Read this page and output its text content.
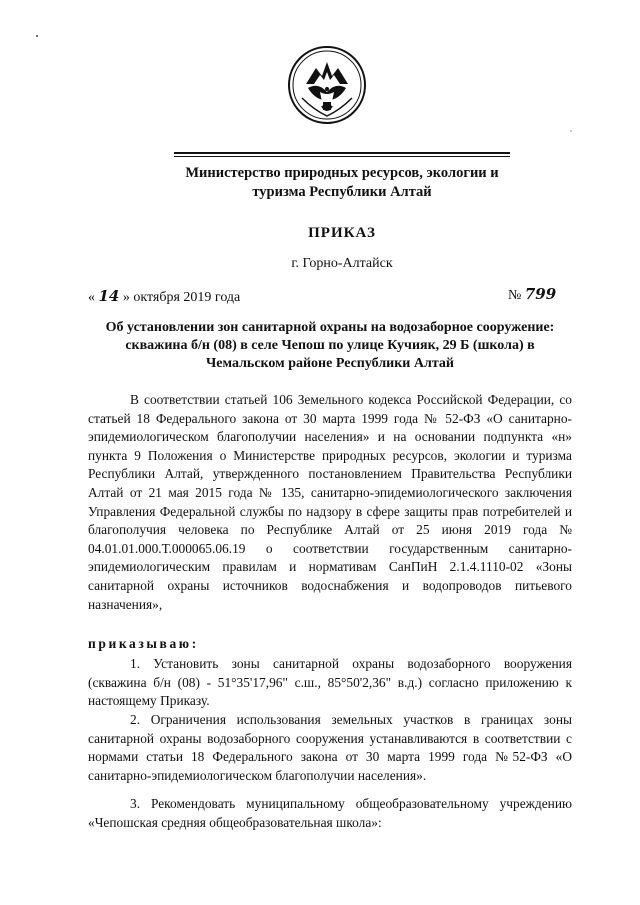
Министерство природных ресурсов, экологии и
туризма Республики Алтай
ПРИКАЗ
г. Горно-Алтайск
« 14 » октября 2019 года	№ 799
Об установлении зон санитарной охраны на водозаборное сооружение: скважина б/н (08) в селе Чепош по улице Кучияк, 29 Б (школа) в Чемальском районе Республики Алтай
В соответствии статьей 106 Земельного кодекса Российской Федерации, со статьей 18 Федерального закона от 30 марта 1999 года № 52-ФЗ «О санитарно-эпидемиологическом благополучии населения» и на основании подпункта «н» пункта 9 Положения о Министерстве природных ресурсов, экологии и туризма Республики Алтай, утвержденного постановлением Правительства Республики Алтай от 21 мая 2015 года № 135, санитарно-эпидемиологического заключения Управления Федеральной службы по надзору в сфере защиты прав потребителей и благополучия человека по Республике Алтай от 25 июня 2019 года № 04.01.01.000.Т.000065.06.19 о соответствии государственным санитарно-эпидемиологическим правилам и нормативам СанПиН 2.1.4.1110-02 «Зоны санитарной охраны источников водоснабжения и водопроводов питьевого назначения»,
приказываю:
1. Установить зоны санитарной охраны водозаборного вооружения (скважина б/н (08) - 51°35'17,96" с.ш., 85°50'2,36" в.д.) согласно приложению к настоящему Приказу.
2. Ограничения использования земельных участков в границах зоны санитарной охраны водозаборного сооружения устанавливаются в соответствии с нормами статьи 18 Федерального закона от 30 марта 1999 года №52-ФЗ «О санитарно-эпидемиологическом благополучии населения».
3. Рекомендовать муниципальному общеобразовательному учреждению «Чепошская средняя общеобразовательная школа»:
